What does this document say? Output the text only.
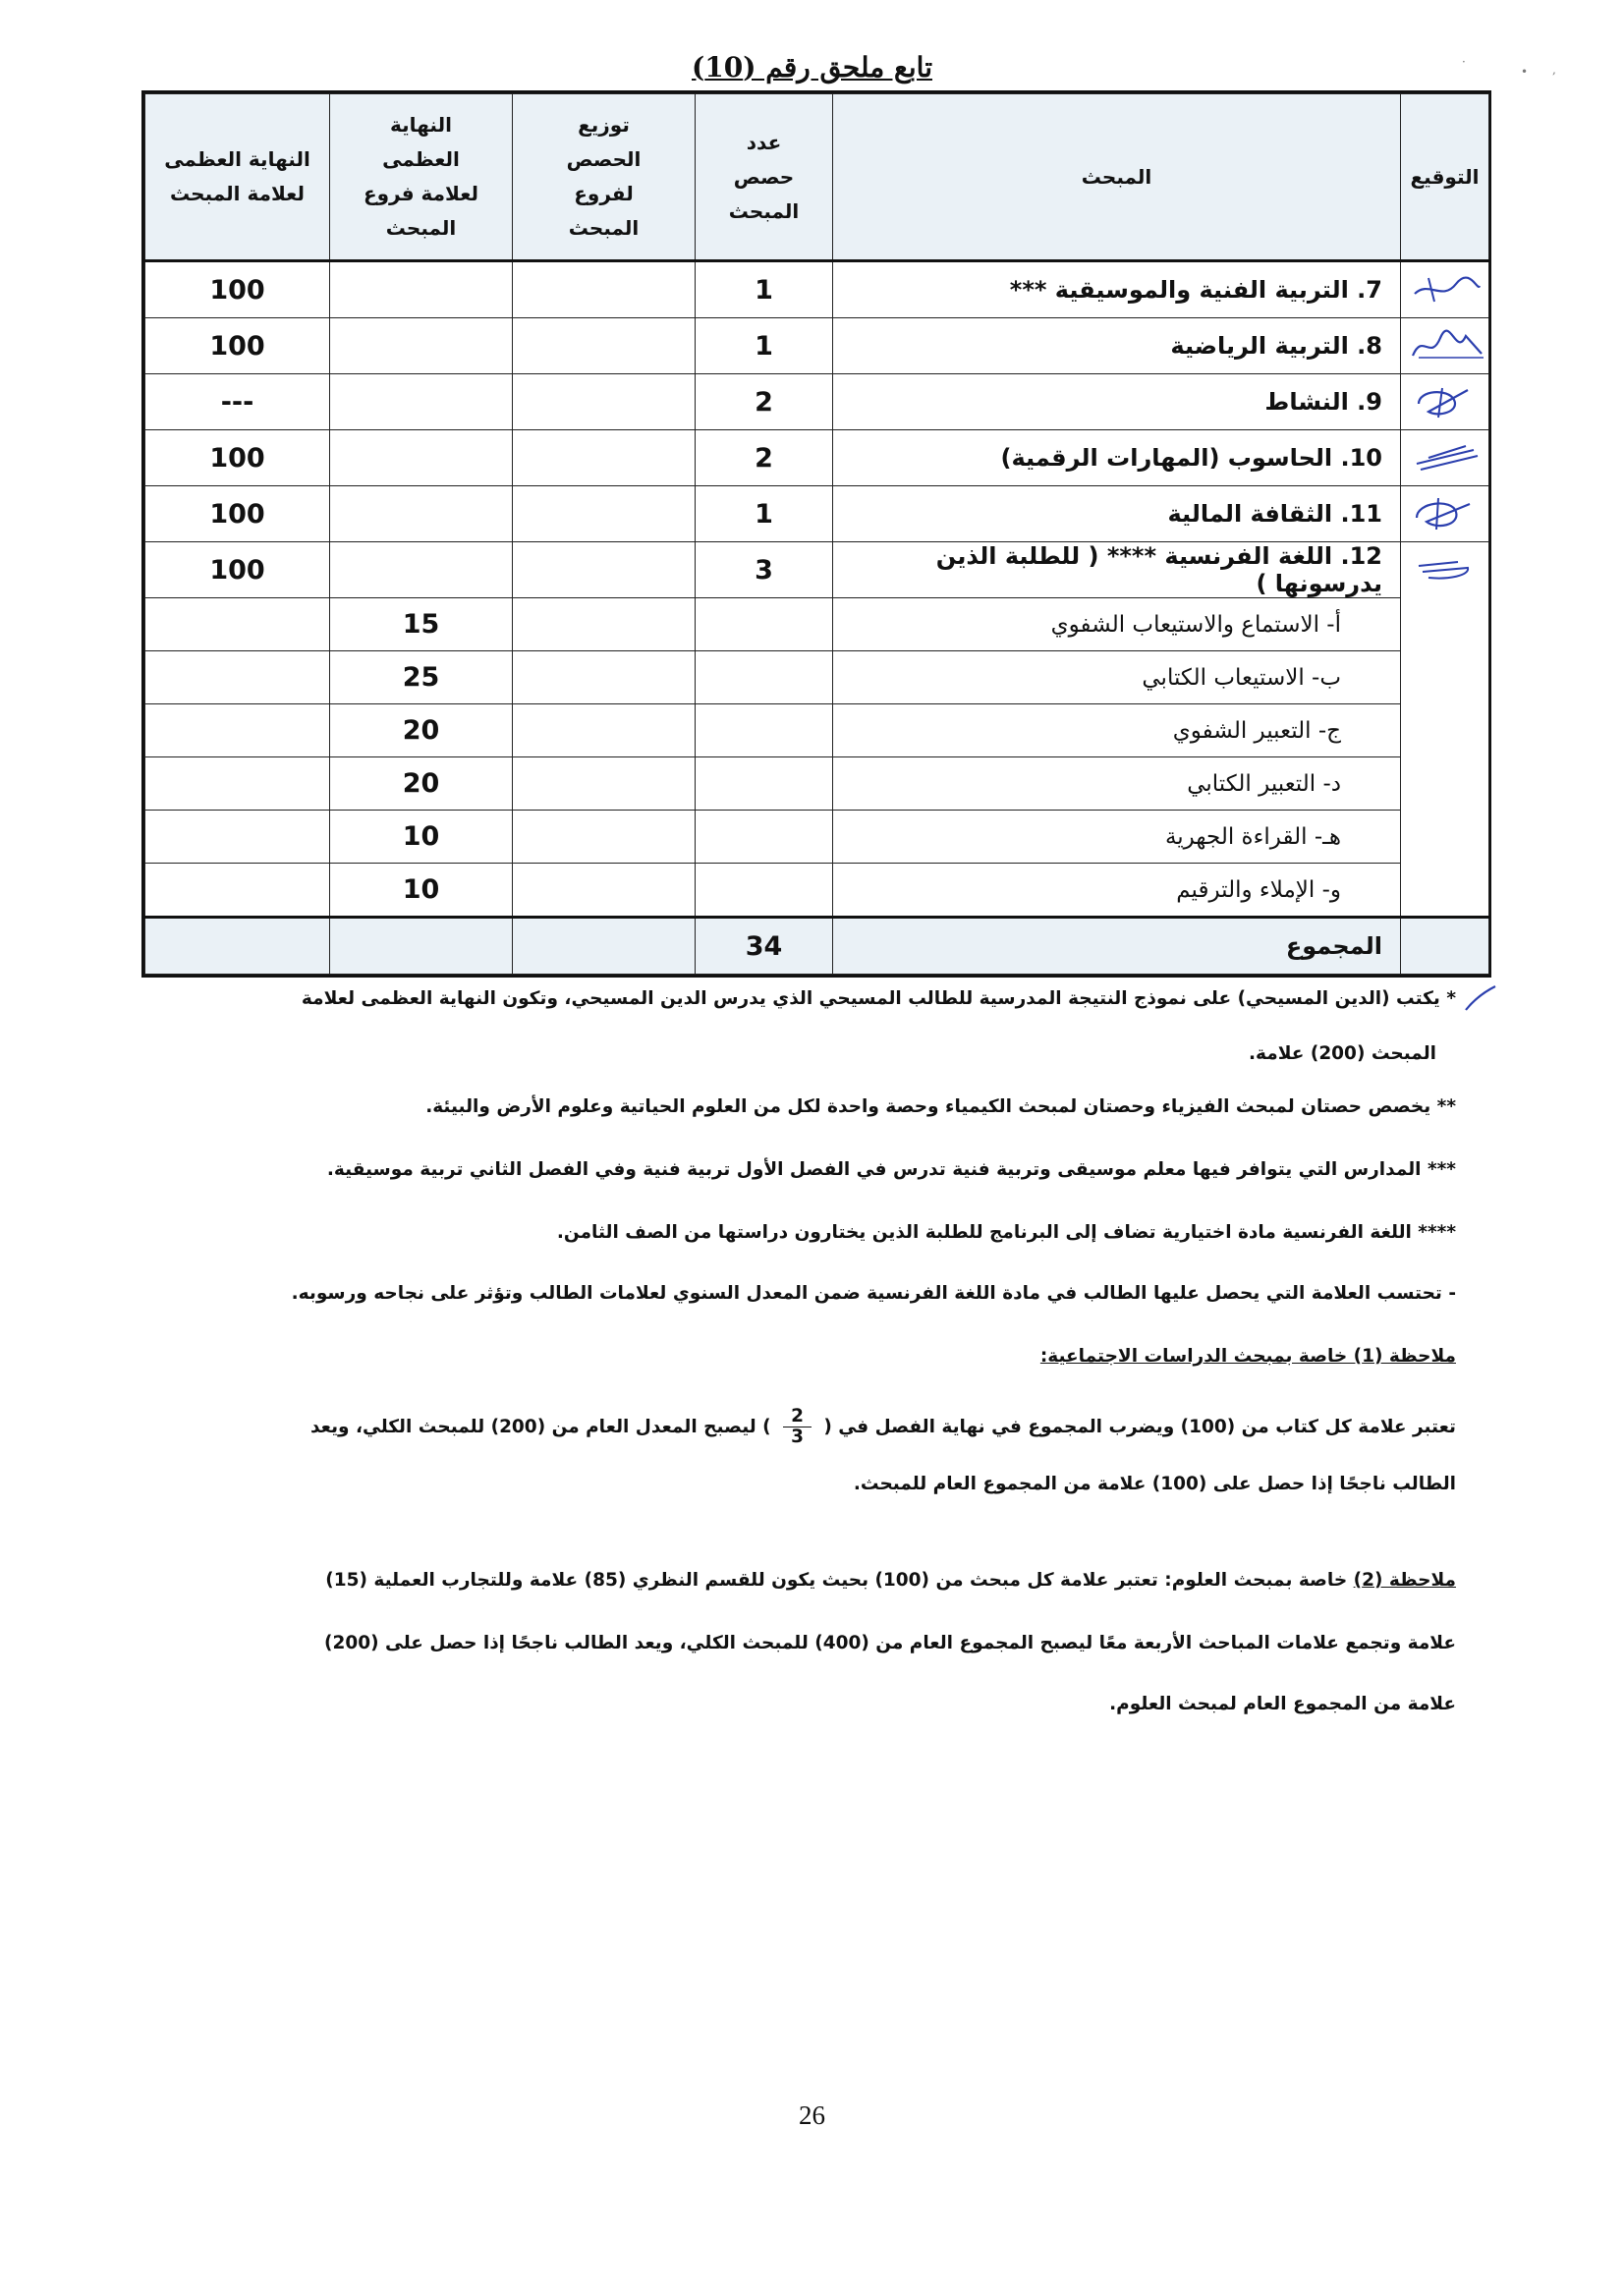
·
• ,
تابع ملحق رقم (10)
التوقيع	المبحث	عدد حصص المبحث	توزيع الحصص لفروع المبحث	النهاية العظمى لعلامة فروع المبحث	النهاية العظمى لعلامة المبحث

	7. التربية الفنية والموسيقية ***	1			100

	8. التربية الرياضية	1			100

	9. النشاط	2			---

	10. الحاسوب (المهارات الرقمية)	2			100

	11. الثقافة المالية	1			100

	12. اللغة الفرنسية **** ( للطلبة الذين يدرسونها )	3			100
	أ- الاستماع والاستيعاب الشفوي			15	
	ب- الاستيعاب الكتابي			25	
	ج- التعبير الشفوي			20	
	د- التعبير الكتابي			20	
	هـ- القراءة الجهرية			10	
	و- الإملاء والترقيم			10	
	المجموع	34			
* يكتب (الدين المسيحي) على نموذج النتيجة المدرسية للطالب المسيحي الذي يدرس الدين المسيحي، وتكون النهاية العظمى لعلامة
المبحث (200) علامة.
** يخصص حصتان لمبحث الفيزياء وحصتان لمبحث الكيمياء وحصة واحدة لكل من العلوم الحياتية وعلوم الأرض والبيئة.
*** المدارس التي يتوافر فيها معلم موسيقى وتربية فنية تدرس في الفصل الأول تربية فنية وفي الفصل الثاني تربية موسيقية.
**** اللغة الفرنسية مادة اختيارية تضاف إلى البرنامج للطلبة الذين يختارون دراستها من الصف الثامن.
- تحتسب العلامة التي يحصل عليها الطالب في مادة اللغة الفرنسية ضمن المعدل السنوي لعلامات الطالب وتؤثر على نجاحه ورسوبه.
ملاحظة (1) خاصة بمبحث الدراسات الاجتماعية:
تعتبر علامة كل كتاب من (100) ويضرب المجموع في نهاية الفصل في (
$\frac{2}{3}$
) ليصبح المعدل العام من (200) للمبحث الكلي، ويعد
الطالب ناجحًا إذا حصل على (100) علامة من المجموع العام للمبحث.
ملاحظة (2) خاصة بمبحث العلوم: تعتبر علامة كل مبحث من (100) بحيث يكون للقسم النظري (85) علامة وللتجارب العملية (15)
علامة وتجمع علامات المباحث الأربعة معًا ليصبح المجموع العام من (400) للمبحث الكلي، ويعد الطالب ناجحًا إذا حصل على (200)
علامة من المجموع العام لمبحث العلوم.
26
